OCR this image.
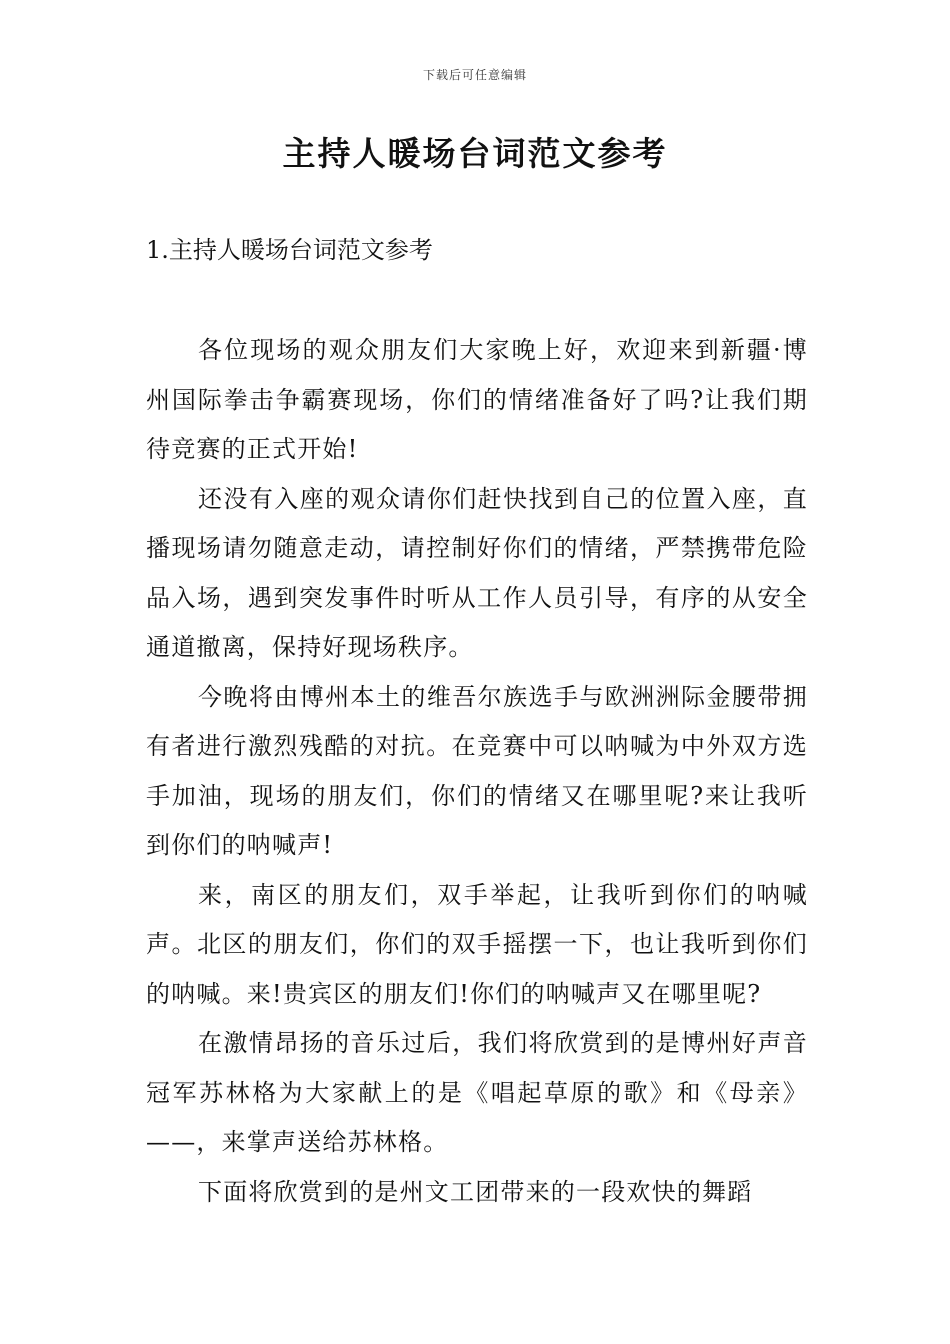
下载后可任意编辑
主持人暖场台词范文参考
1.主持人暖场台词范文参考

各位现场的观众朋友们大家晚上好，欢迎来到新疆·博州国际拳击争霸赛现场，你们的情绪准备好了吗?让我们期待竞赛的正式开始!

还没有入座的观众请你们赶快找到自己的位置入座，直播现场请勿随意走动，请控制好你们的情绪，严禁携带危险品入场，遇到突发事件时听从工作人员引导，有序的从安全通道撤离，保持好现场秩序。

今晚将由博州本土的维吾尔族选手与欧洲洲际金腰带拥有者进行激烈残酷的对抗。在竞赛中可以呐喊为中外双方选手加油，现场的朋友们，你们的情绪又在哪里呢?来让我听到你们的呐喊声!

来，南区的朋友们，双手举起，让我听到你们的呐喊声。北区的朋友们，你们的双手摇摆一下，也让我听到你们的呐喊。来!贵宾区的朋友们!你们的呐喊声又在哪里呢?

在激情昂扬的音乐过后，我们将欣赏到的是博州好声音冠军苏林格为大家献上的是《唱起草原的歌》和《母亲》——，来掌声送给苏林格。

下面将欣赏到的是州文工团带来的一段欢快的舞蹈
